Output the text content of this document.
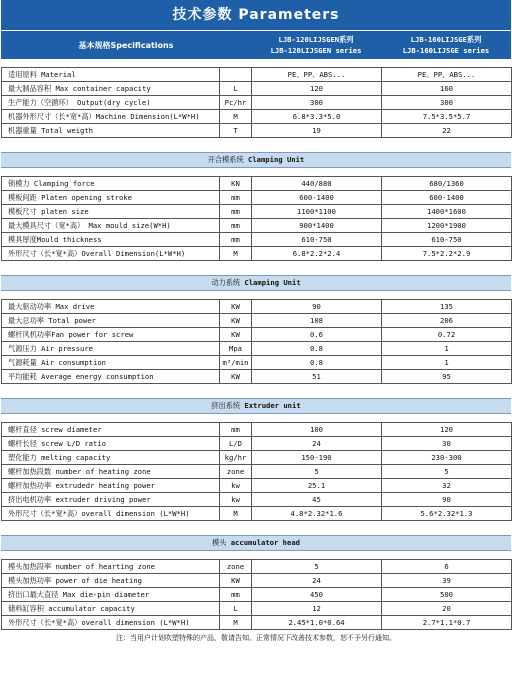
技术参数 Parameters
基本规格Specifications
LJB-120LIJSGEN系列
LJB-120LIJSGEN series
LJB-160LIJSGE系列
LJB-160LIJSGE series
适用原料 Material		PE、PP、ABS...	PE、PP、ABS...
最大制品容积 Max container capacity	L	120	160
生产能力（空循环） Output(dry cycle)	Pc/hr	300	300
机器外形尺寸（长*宽*高）Machine Dimension(L*W*H)	M	6.8*3.3*5.0	7.5*3.5*5.7
机器重量 Total weigth	T	19	22
开合模系统 Clamping Unit
锁模力 Clamping force	KN	440/880	680/1360
模板间距 Platen opening stroke	mm	600-1400	600-1400
模板尺寸 platen size	mm	1100*1100	1400*1600
最大模具尺寸（宽*高） Max mould size(W*H)	mm	900*1400	1200*1900
模具厚度Mould thickness	mm	610-750	610-750
外形尺寸（长*宽*高）Overall Dimension(L*W*H)	M	6.8*2.2*2.4	7.5*2.2*2.9
动力系统 Clamping Unit
最大驱动功率 Max drive	KW	90	135
最大总功率 Total power	KW	108	206
螺杆风机功率Fan power for screw	KW	0.6	0.72
气源压力 Air pressure	Mpa	0.8	1
气源耗量 Air consumption	m³/min	0.8	1
平均能耗 Average energy consumption	KW	51	95
挤出系统 Extruder unit
螺杆直径 screw diameter	mm	100	120
螺杆长径 screw L/D ratio	L/D	24	30
塑化能力 melting capacity	kg/hr	150-190	230-300
螺杆加热段数 number of heating zone	zone	5	5
螺杆加热功率 extrudedr heating power	kw	25.1	32
挤出电机功率 extruder driving power	kw	45	90
外形尺寸（长*宽*高）overall dimension (L*W*H)	M	4.8*2.32*1.6	5.6*2.32*1.3
模头 accumulator head
模头加热段率 number of hearting zone	zone	5	6
模头加热功率 power of die heating	KW	24	39
挤出口最大直径 Max die-pin diameter	mm	450	500
储料缸容积 accumulator capacity	L	12	20
外形尺寸（长*宽*高）overall dimension (L*W*H)	M	2.45*1.0*0.64	2.7*1.1*0.7
注：当用户计划吹塑特殊的产品，敬请告知。正常情况下改善技术参数，恕不予另行通知。
